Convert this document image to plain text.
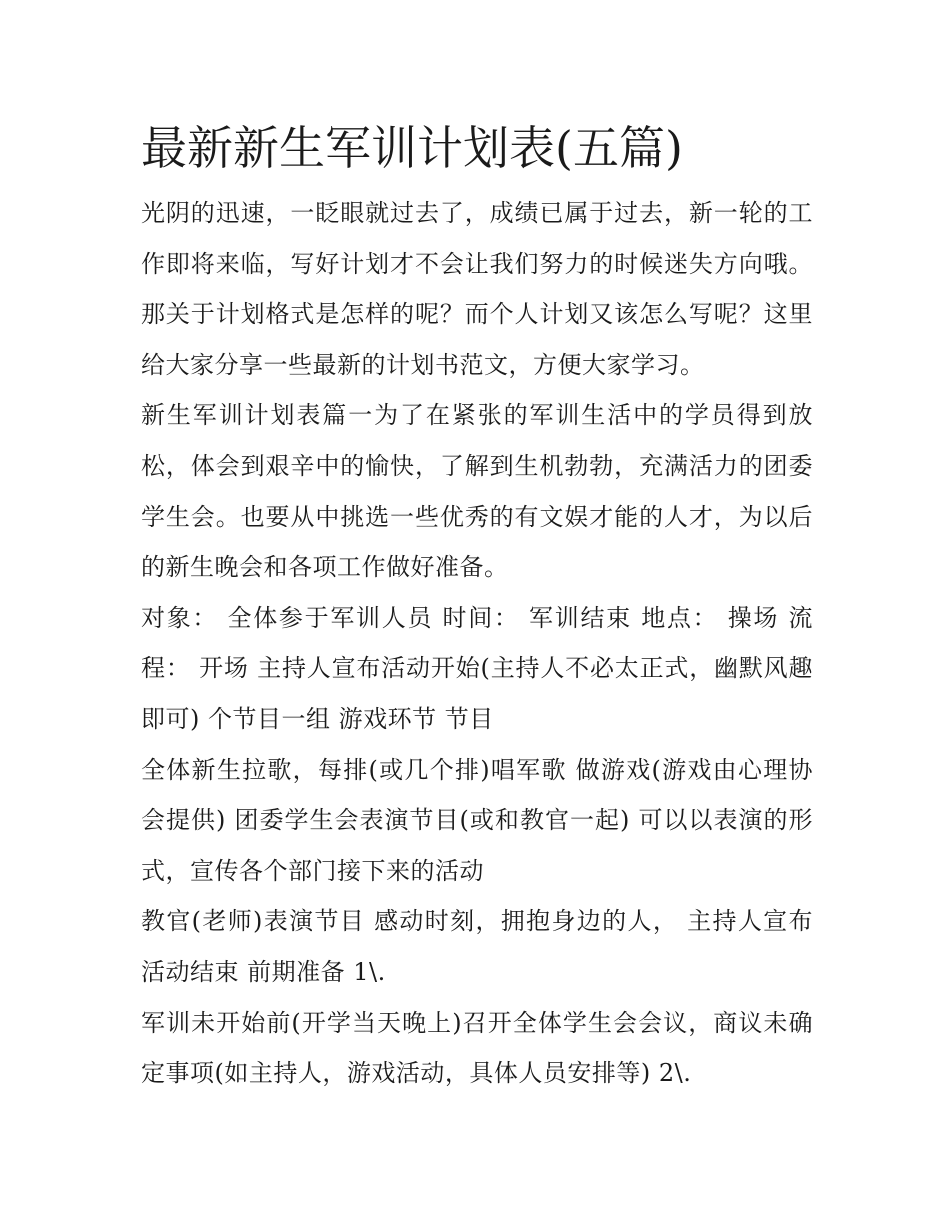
最新新生军训计划表(五篇)

光阴的迅速，一眨眼就过去了，成绩已属于过去，新一轮的工作即将来临，写好计划才不会让我们努力的时候迷失方向哦。那关于计划格式是怎样的呢？而个人计划又该怎么写呢？这里给大家分享一些最新的计划书范文，方便大家学习。

新生军训计划表篇一为了在紧张的军训生活中的学员得到放松，体会到艰辛中的愉快，了解到生机勃勃，充满活力的团委学生会。也要从中挑选一些优秀的有文娱才能的人才，为以后的新生晚会和各项工作做好准备。

对象： 全体参于军训人员 时间： 军训结束 地点： 操场 流程： 开场 主持人宣布活动开始(主持人不必太正式，幽默风趣即可) 个节目一组 游戏环节 节目

全体新生拉歌，每排(或几个排)唱军歌 做游戏(游戏由心理协会提供) 团委学生会表演节目(或和教官一起) 可以以表演的形式，宣传各个部门接下来的活动

教官(老师)表演节目 感动时刻，拥抱身边的人， 主持人宣布活动结束 前期准备 1\.

军训未开始前(开学当天晚上)召开全体学生会会议，商议未确定事项(如主持人，游戏活动，具体人员安排等) 2\.
